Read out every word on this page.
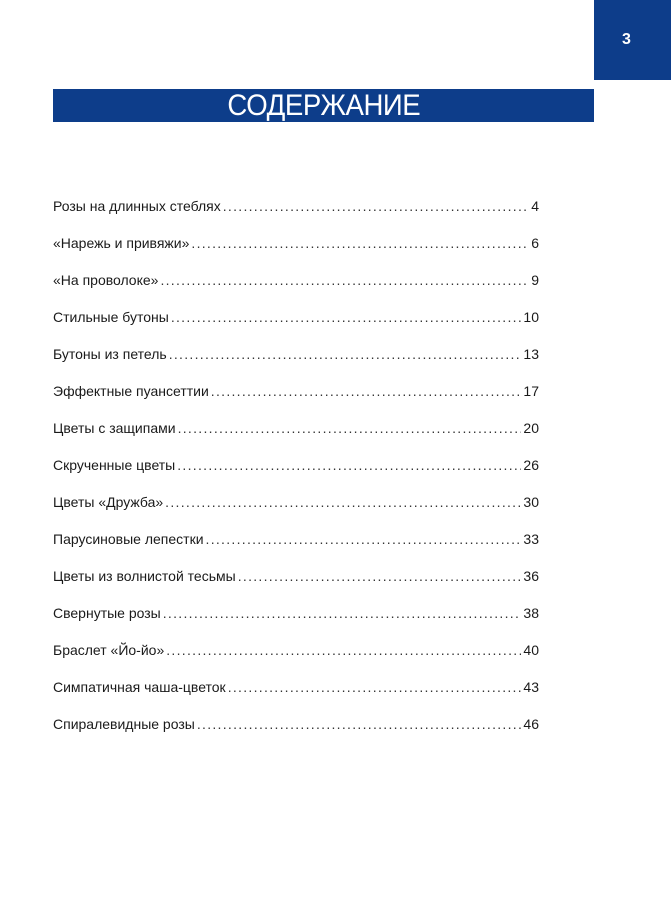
3
СОДЕРЖАНИЕ
Розы на длинных стеблях . . .	4
«Нарежь и привяжи» . . .	6
«На проволоке» . . .	9
Стильные бутоны . . .	10
Бутоны из петель . . .	13
Эффектные пуансеттии . . .	17
Цветы с защипами . . .	20
Скрученные цветы . . .	26
Цветы «Дружба» . . .	30
Парусиновые лепестки . . .	33
Цветы из волнистой тесьмы . . .	36
Свернутые розы . . .	38
Браслет «Йо-йо» . . .	40
Симпатичная чаша-цветок . . .	43
Спиралевидные розы . . .	46
